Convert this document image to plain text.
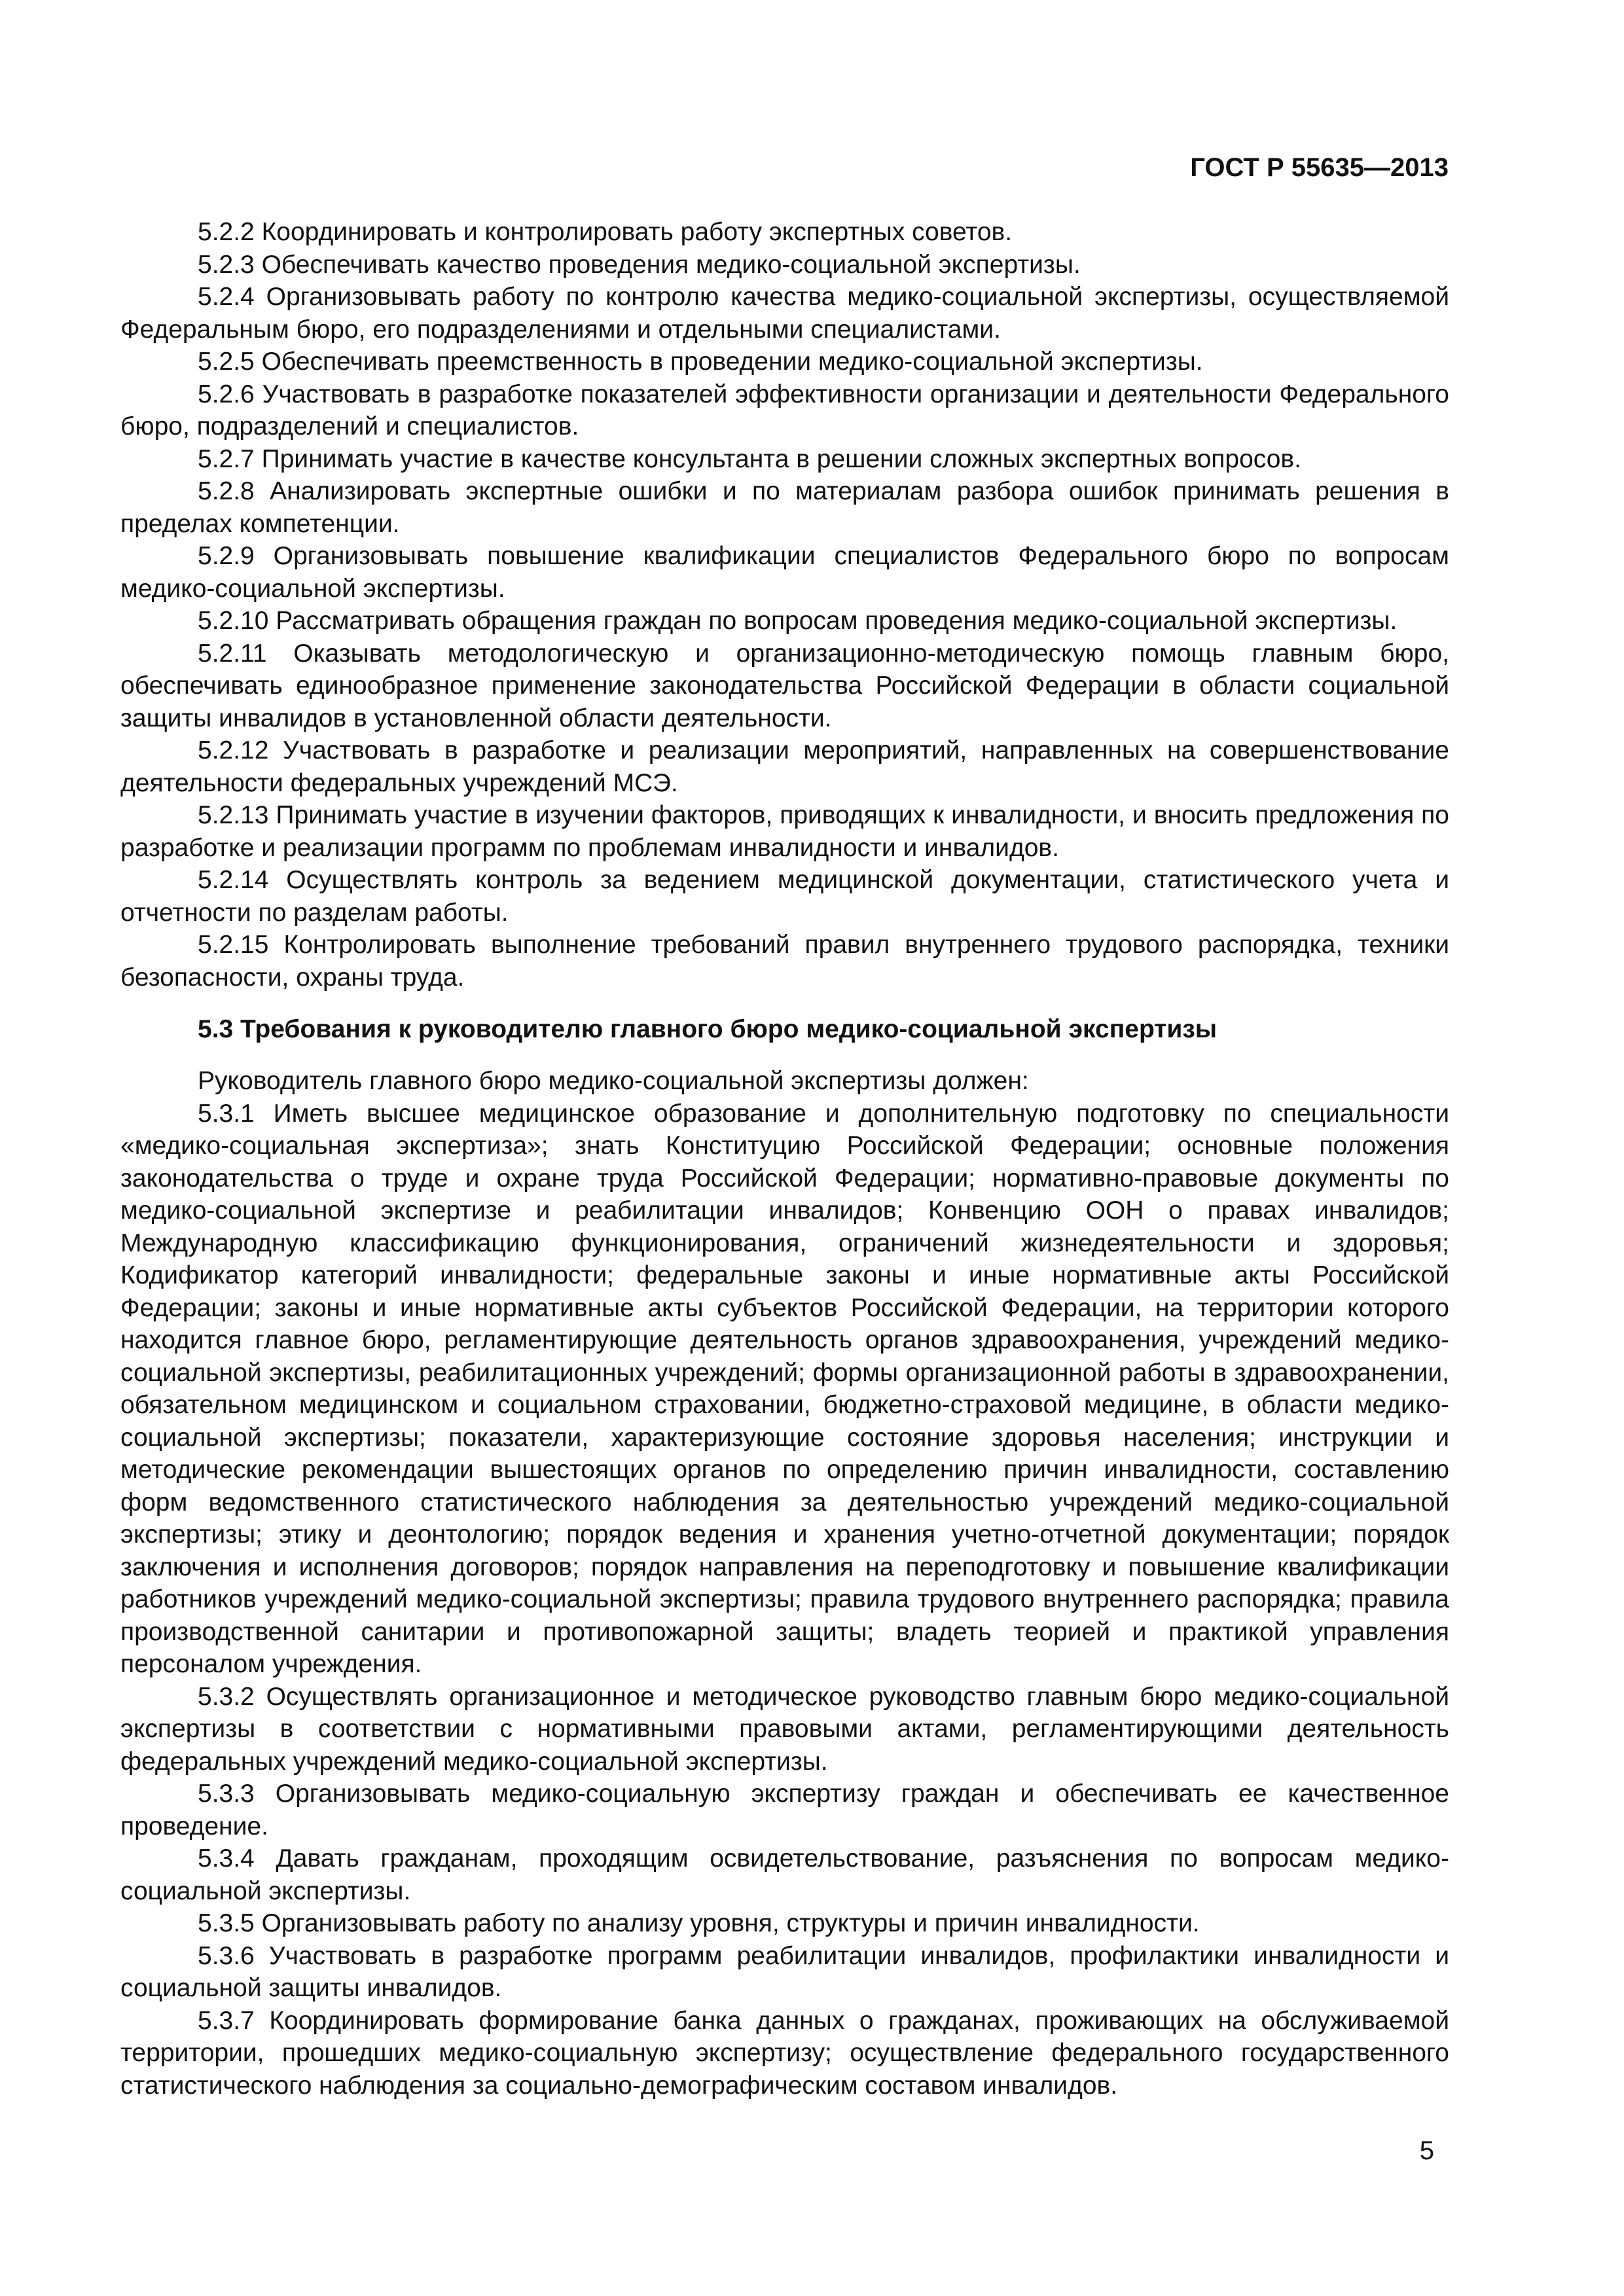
ГОСТ Р 55635—2013

5.2.2 Координировать и контролировать работу экспертных советов.

5.2.3 Обеспечивать качество проведения медико-социальной экспертизы.

5.2.4 Организовывать работу по контролю качества медико-социальной экспертизы, осуществляемой Федеральным бюро, его подразделениями и отдельными специалистами.

5.2.5 Обеспечивать преемственность в проведении медико-социальной экспертизы.

5.2.6 Участвовать в разработке показателей эффективности организации и деятельности Федерального бюро, подразделений и специалистов.

5.2.7 Принимать участие в качестве консультанта в решении сложных экспертных вопросов.

5.2.8 Анализировать экспертные ошибки и по материалам разбора ошибок принимать решения в пределах компетенции.

5.2.9 Организовывать повышение квалификации специалистов Федерального бюро по вопросам медико-социальной экспертизы.

5.2.10 Рассматривать обращения граждан по вопросам проведения медико-социальной экспертизы.

5.2.11 Оказывать методологическую и организационно-методическую помощь главным бюро, обеспечивать единообразное применение законодательства Российской Федерации в области социальной защиты инвалидов в установленной области деятельности.

5.2.12 Участвовать в разработке и реализации мероприятий, направленных на совершенствование деятельности федеральных учреждений МСЭ.

5.2.13 Принимать участие в изучении факторов, приводящих к инвалидности, и вносить предложения по разработке и реализации программ по проблемам инвалидности и инвалидов.

5.2.14 Осуществлять контроль за ведением медицинской документации, статистического учета и отчетности по разделам работы.

5.2.15 Контролировать выполнение требований правил внутреннего трудового распорядка, техники безопасности, охраны труда.

5.3 Требования к руководителю главного бюро медико-социальной экспертизы

Руководитель главного бюро медико-социальной экспертизы должен:

5.3.1 Иметь высшее медицинское образование и дополнительную подготовку по специальности «медико-социальная экспертиза»; знать Конституцию Российской Федерации; основные положения законодательства о труде и охране труда Российской Федерации; нормативно-правовые документы по медико-социальной экспертизе и реабилитации инвалидов; Конвенцию ООН о правах инвалидов; Международную классификацию функционирования, ограничений жизнедеятельности и здоровья; Кодификатор категорий инвалидности; федеральные законы и иные нормативные акты Российской Федерации; законы и иные нормативные акты субъектов Российской Федерации, на территории которого находится главное бюро, регламентирующие деятельность органов здравоохранения, учреждений медико-социальной экспертизы, реабилитационных учреждений; формы организационной работы в здравоохранении, обязательном медицинском и социальном страховании, бюджетно-страховой медицине, в области медико-социальной экспертизы; показатели, характеризующие состояние здоровья населения; инструкции и методические рекомендации вышестоящих органов по определению причин инвалидности, составлению форм ведомственного статистического наблюдения за деятельностью учреждений медико-социальной экспертизы; этику и деонтологию; порядок ведения и хранения учетно-отчетной документации; порядок заключения и исполнения договоров; порядок направления на переподготовку и повышение квалификации работников учреждений медико-социальной экспертизы; правила трудового внутреннего распорядка; правила производственной санитарии и противопожарной защиты; владеть теорией и практикой управления персоналом учреждения.

5.3.2 Осуществлять организационное и методическое руководство главным бюро медико-социальной экспертизы в соответствии с нормативными правовыми актами, регламентирующими деятельность федеральных учреждений медико-социальной экспертизы.

5.3.3 Организовывать медико-социальную экспертизу граждан и обеспечивать ее качественное проведение.

5.3.4 Давать гражданам, проходящим освидетельствование, разъяснения по вопросам медико-социальной экспертизы.

5.3.5 Организовывать работу по анализу уровня, структуры и причин инвалидности.

5.3.6 Участвовать в разработке программ реабилитации инвалидов, профилактики инвалидности и социальной защиты инвалидов.

5.3.7 Координировать формирование банка данных о гражданах, проживающих на обслуживаемой территории, прошедших медико-социальную экспертизу; осуществление федерального государственного статистического наблюдения за социально-демографическим составом инвалидов.

5
